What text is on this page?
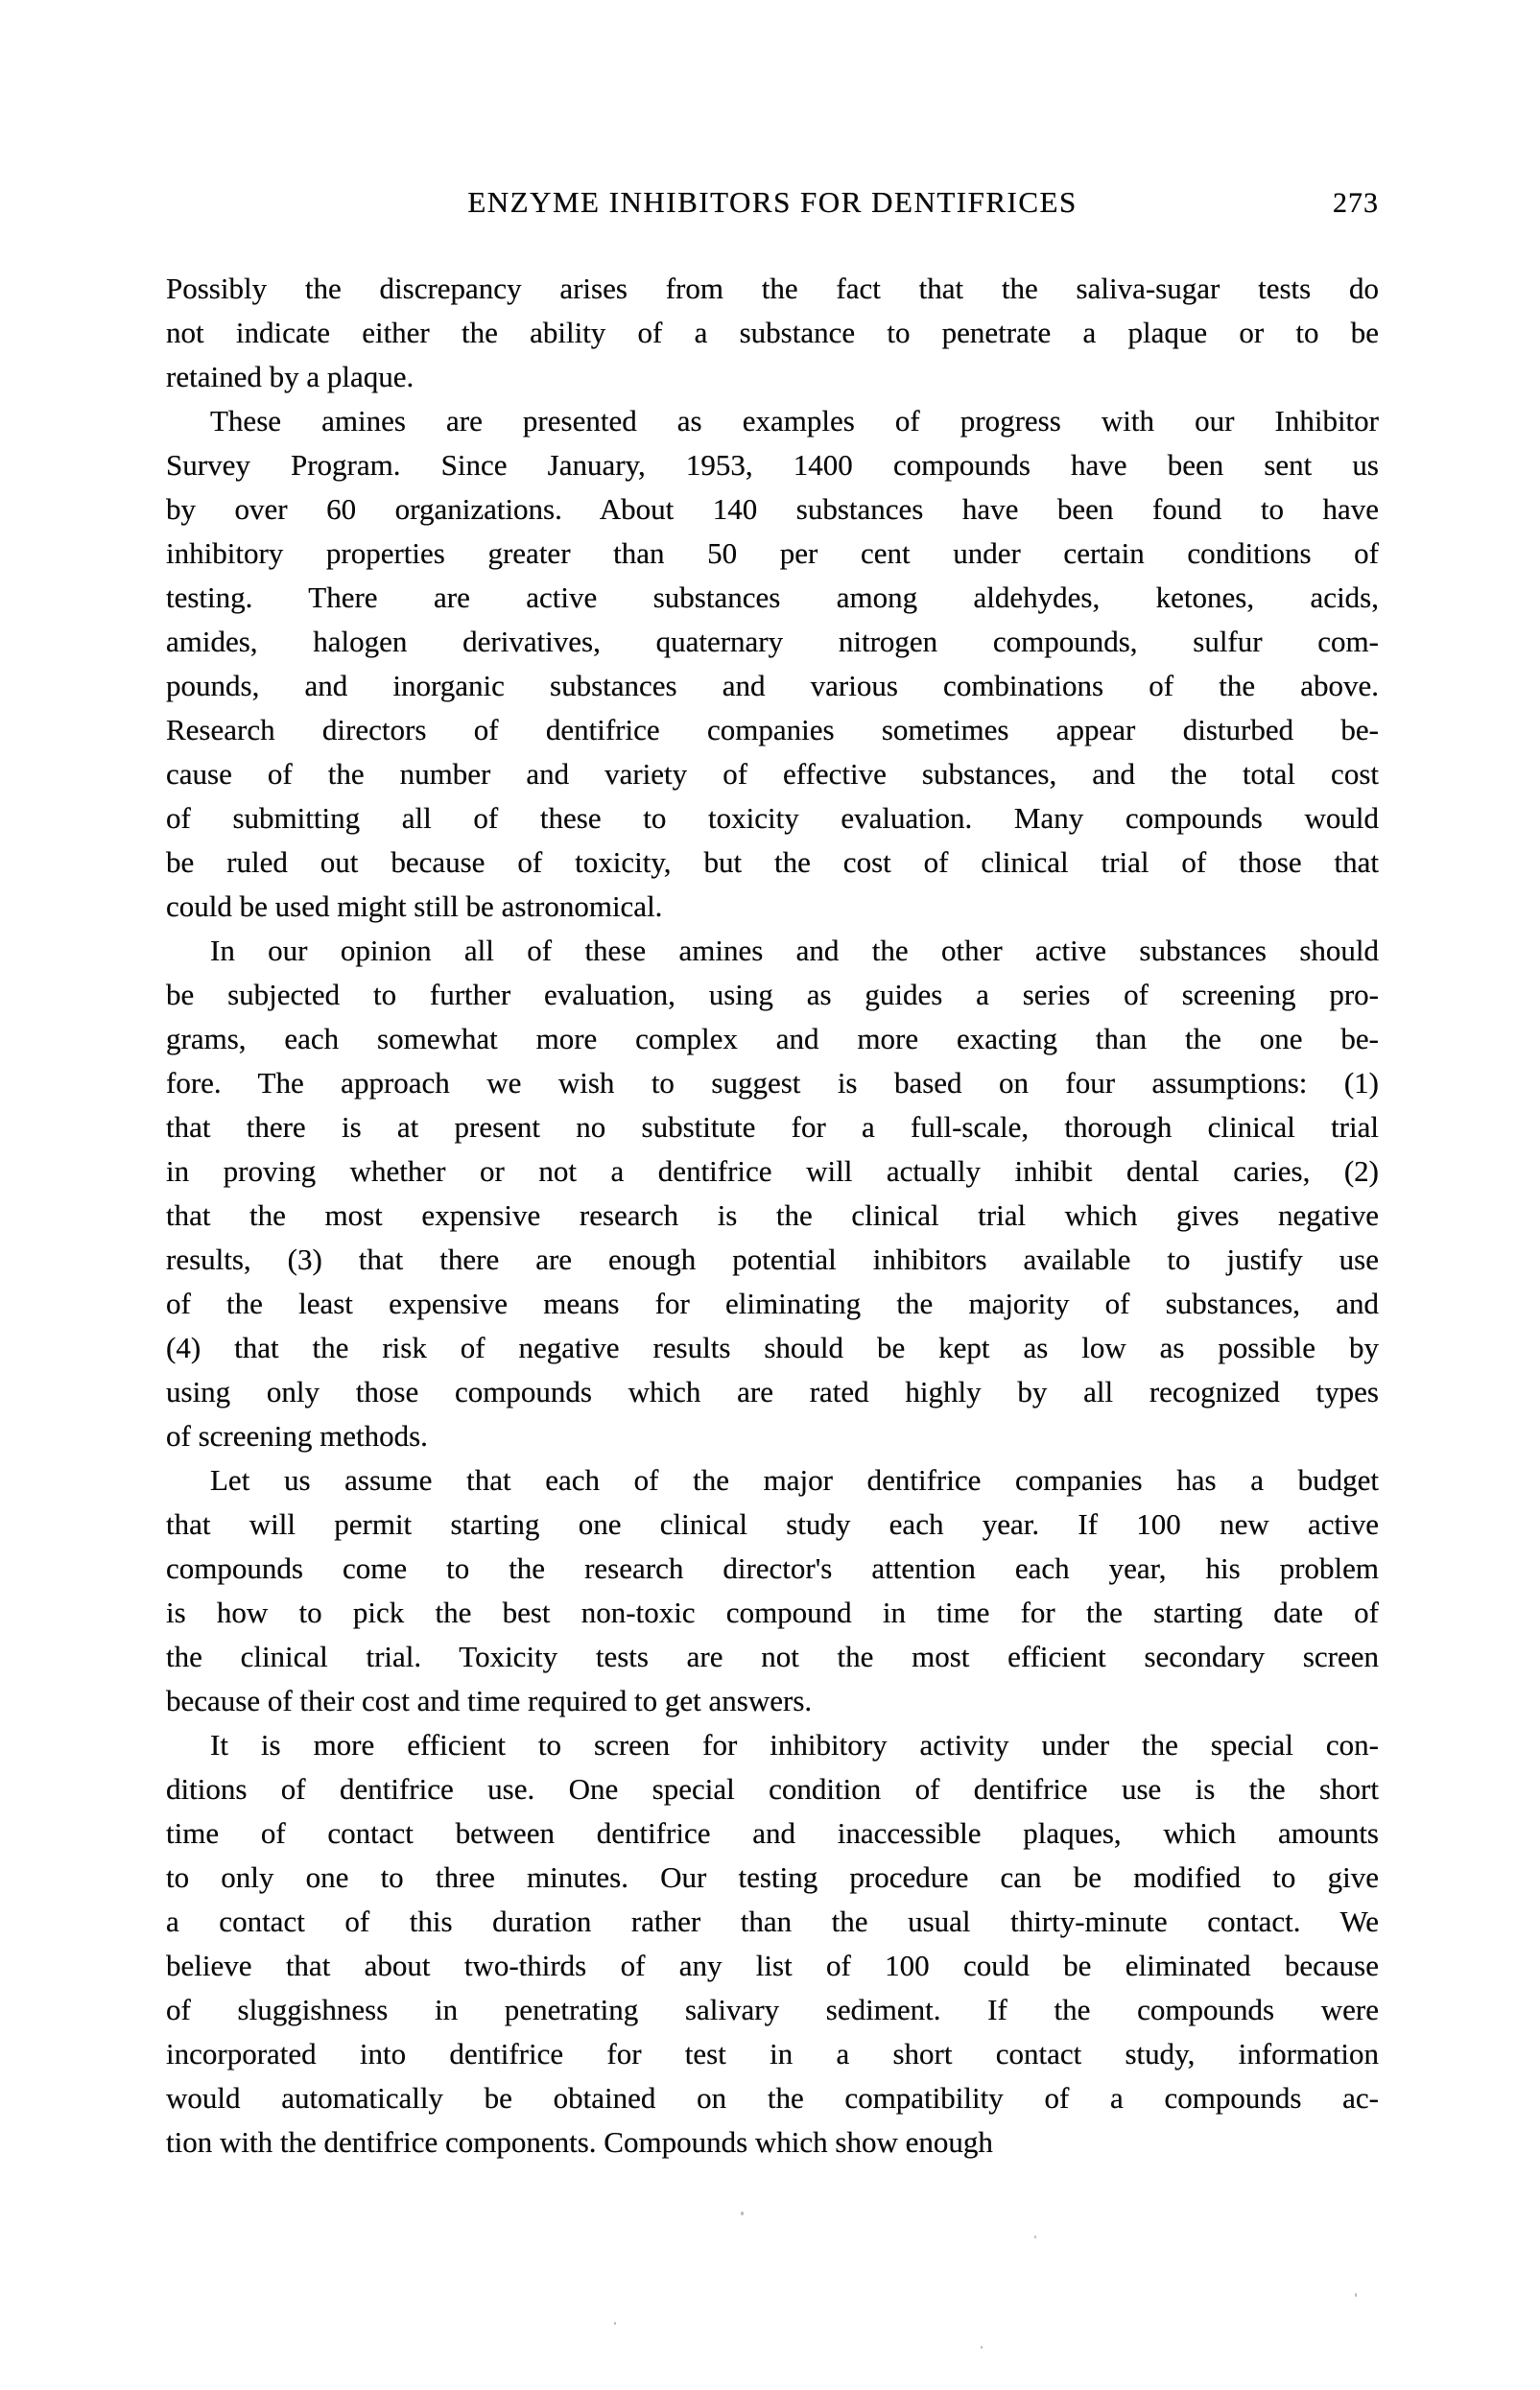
ENZYME INHIBITORS FOR DENTIFRICES	273
Possibly the discrepancy arises from the fact that the saliva-sugar tests do
not indicate either the ability of a substance to penetrate a plaque or to be
retained by a plaque.
These amines are presented as examples of progress with our Inhibitor
Survey Program. Since January, 1953, 1400 compounds have been sent us
by over 60 organizations. About 140 substances have been found to have
inhibitory properties greater than 50 per cent under certain conditions of
testing. There are active substances among aldehydes, ketones, acids,
amides, halogen derivatives, quaternary nitrogen compounds, sulfur com-
pounds, and inorganic substances and various combinations of the above.
Research directors of dentifrice companies sometimes appear disturbed be-
cause of the number and variety of effective substances, and the total cost
of submitting all of these to toxicity evaluation. Many compounds would
be ruled out because of toxicity, but the cost of clinical trial of those that
could be used might still be astronomical.
In our opinion all of these amines and the other active substances should
be subjected to further evaluation, using as guides a series of screening pro-
grams, each somewhat more complex and more exacting than the one be-
fore. The approach we wish to suggest is based on four assumptions: (1)
that there is at present no substitute for a full-scale, thorough clinical trial
in proving whether or not a dentifrice will actually inhibit dental caries, (2)
that the most expensive research is the clinical trial which gives negative
results, (3) that there are enough potential inhibitors available to justify use
of the least expensive means for eliminating the majority of substances, and
(4) that the risk of negative results should be kept as low as possible by
using only those compounds which are rated highly by all recognized types
of screening methods.
Let us assume that each of the major dentifrice companies has a budget
that will permit starting one clinical study each year. If 100 new active
compounds come to the research director's attention each year, his problem
is how to pick the best non-toxic compound in time for the starting date of
the clinical trial. Toxicity tests are not the most efficient secondary screen
because of their cost and time required to get answers.
It is more efficient to screen for inhibitory activity under the special con-
ditions of dentifrice use. One special condition of dentifrice use is the short
time of contact between dentifrice and inaccessible plaques, which amounts
to only one to three minutes. Our testing procedure can be modified to give
a contact of this duration rather than the usual thirty-minute contact. We
believe that about two-thirds of any list of 100 could be eliminated because
of sluggishness in penetrating salivary sediment. If the compounds were
incorporated into dentifrice for test in a short contact study, information
would automatically be obtained on the compatibility of a compounds ac-
tion with the dentifrice components. Compounds which show enough
